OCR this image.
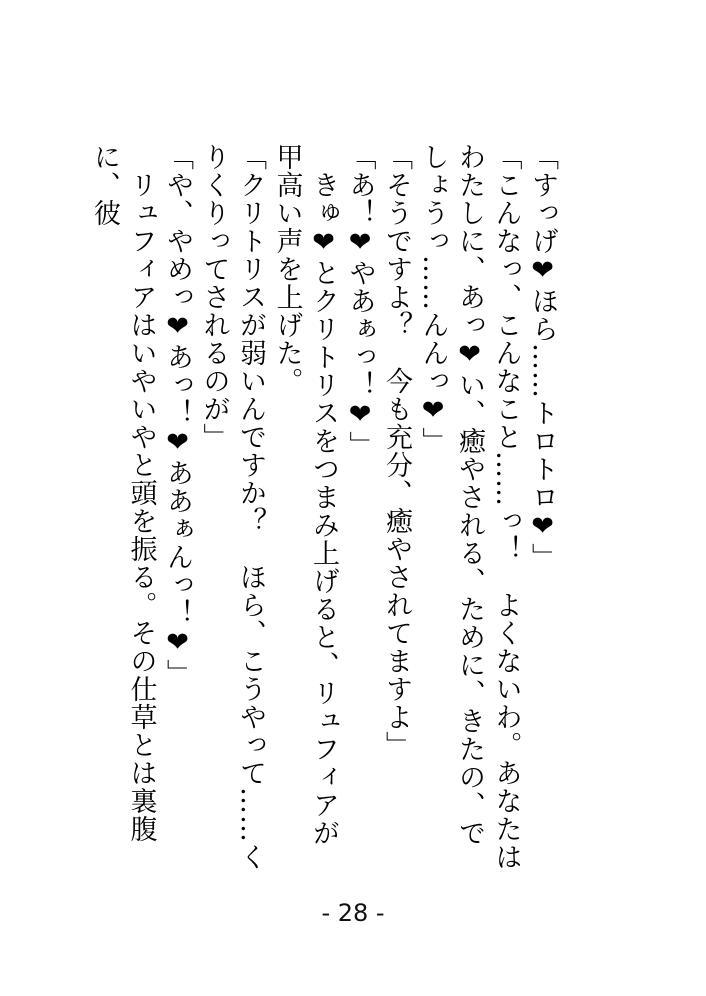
「すっげ❤ほら……トロトロ❤」

「こんなっ、こんなこと……っ！　よくないわ。あなたはわたしに、あっ❤い、癒やされる、ために、きたの、でしょうっ……んんっ❤」

「そうですよ？　今も充分、癒やされてますよ」

「あ！❤やあぁっ！❤」

　きゅ❤とクリトリスをつまみ上げると、リュフィアが甲高い声を上げた。

「クリトリスが弱いんですか？　ほら、こうやって……くりくりってされるのが」

「や、やめっ❤あっ！❤ああぁんっ！❤」

　リュフィアはいやいやと頭を振る。その仕草とは裏腹に、彼

- 28 -
